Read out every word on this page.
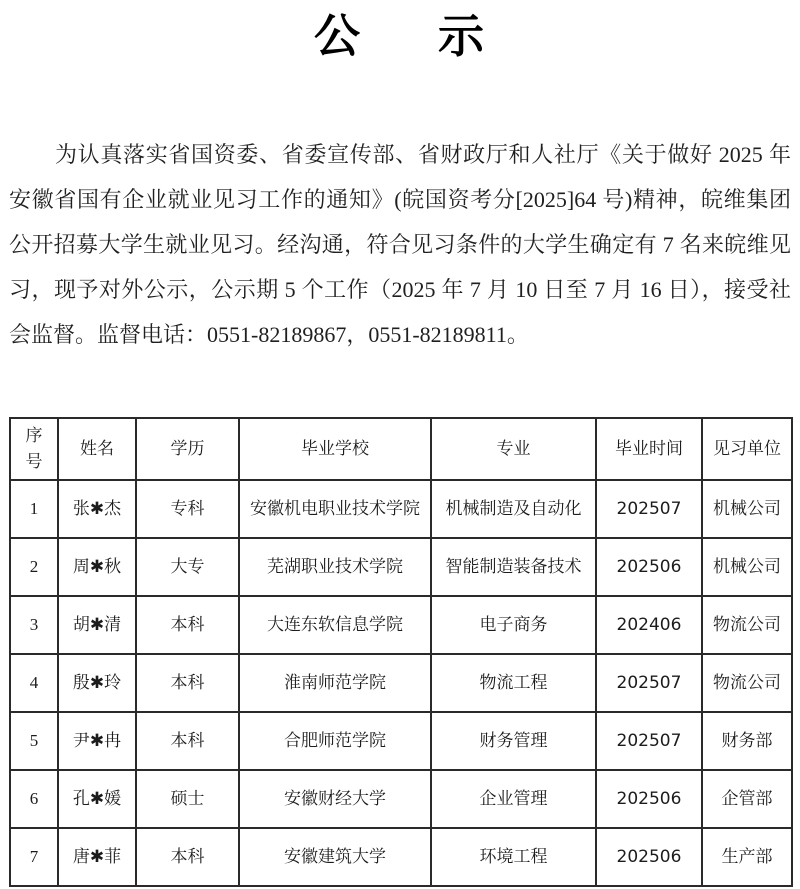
公 示

为认真落实省国资委、省委宣传部、省财政厅和人社厅《关于做好 2025 年安徽省国有企业就业见习工作的通知》(皖国资考分[2025]64 号)精神，皖维集团公开招募大学生就业见习。经沟通，符合见习条件的大学生确定有 7 名来皖维见习，现予对外公示，公示期 5 个工作（2025 年 7 月 10 日至 7 月 16 日），接受社会监督。监督电话：0551-82189867，0551-82189811。

序号	姓名	学历	毕业学校	专业	毕业时间	见习单位
1	张✱杰	专科	安徽机电职业技术学院	机械制造及自动化	202507	机械公司
2	周✱秋	大专	芜湖职业技术学院	智能制造装备技术	202506	机械公司
3	胡✱清	本科	大连东软信息学院	电子商务	202406	物流公司
4	殷✱玲	本科	淮南师范学院	物流工程	202507	物流公司
5	尹✱冉	本科	合肥师范学院	财务管理	202507	财务部
6	孔✱媛	硕士	安徽财经大学	企业管理	202506	企管部
7	唐✱菲	本科	安徽建筑大学	环境工程	202506	生产部
